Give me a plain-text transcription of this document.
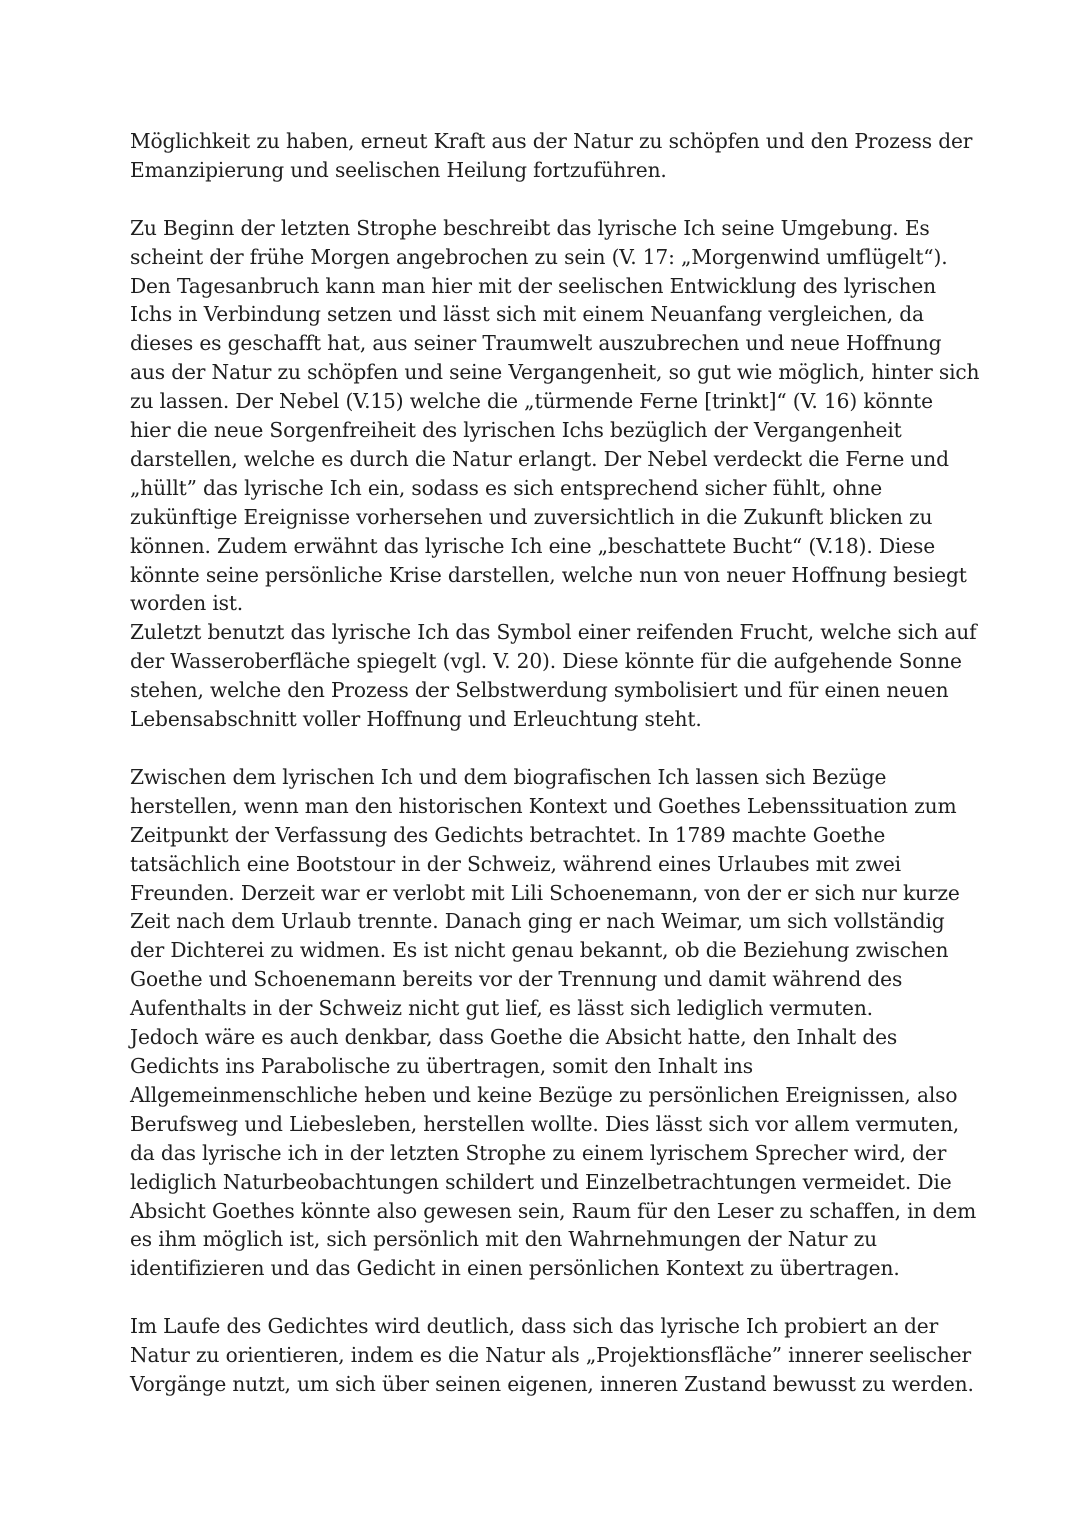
Möglichkeit zu haben, erneut Kraft aus der Natur zu schöpfen und den Prozess der
Emanzipierung und seelischen Heilung fortzuführen.
Zu Beginn der letzten Strophe beschreibt das lyrische Ich seine Umgebung. Es
scheint der frühe Morgen angebrochen zu sein (V. 17: „Morgenwind umflügelt“).
Den Tagesanbruch kann man hier mit der seelischen Entwicklung des lyrischen
Ichs in Verbindung setzen und lässt sich mit einem Neuanfang vergleichen, da
dieses es geschafft hat, aus seiner Traumwelt auszubrechen und neue Hoffnung
aus der Natur zu schöpfen und seine Vergangenheit, so gut wie möglich, hinter sich
zu lassen. Der Nebel (V.15) welche die „türmende Ferne [trinkt]“ (V. 16) könnte
hier die neue Sorgenfreiheit des lyrischen Ichs bezüglich der Vergangenheit
darstellen, welche es durch die Natur erlangt. Der Nebel verdeckt die Ferne und
„hüllt” das lyrische Ich ein, sodass es sich entsprechend sicher fühlt, ohne
zukünftige Ereignisse vorhersehen und zuversichtlich in die Zukunft blicken zu
können. Zudem erwähnt das lyrische Ich eine „beschattete Bucht“ (V.18). Diese
könnte seine persönliche Krise darstellen, welche nun von neuer Hoffnung besiegt
worden ist.
Zuletzt benutzt das lyrische Ich das Symbol einer reifenden Frucht, welche sich auf
der Wasseroberfläche spiegelt (vgl. V. 20). Diese könnte für die aufgehende Sonne
stehen, welche den Prozess der Selbstwerdung symbolisiert und für einen neuen
Lebensabschnitt voller Hoffnung und Erleuchtung steht.
Zwischen dem lyrischen Ich und dem biografischen Ich lassen sich Bezüge
herstellen, wenn man den historischen Kontext und Goethes Lebenssituation zum
Zeitpunkt der Verfassung des Gedichts betrachtet. In 1789 machte Goethe
tatsächlich eine Bootstour in der Schweiz, während eines Urlaubes mit zwei
Freunden. Derzeit war er verlobt mit Lili Schoenemann, von der er sich nur kurze
Zeit nach dem Urlaub trennte. Danach ging er nach Weimar, um sich vollständig
der Dichterei zu widmen. Es ist nicht genau bekannt, ob die Beziehung zwischen
Goethe und Schoenemann bereits vor der Trennung und damit während des
Aufenthalts in der Schweiz nicht gut lief, es lässt sich lediglich vermuten.
Jedoch wäre es auch denkbar, dass Goethe die Absicht hatte, den Inhalt des
Gedichts ins Parabolische zu übertragen, somit den Inhalt ins
Allgemeinmenschliche heben und keine Bezüge zu persönlichen Ereignissen, also
Berufsweg und Liebesleben, herstellen wollte. Dies lässt sich vor allem vermuten,
da das lyrische ich in der letzten Strophe zu einem lyrischem Sprecher wird, der
lediglich Naturbeobachtungen schildert und Einzelbetrachtungen vermeidet. Die
Absicht Goethes könnte also gewesen sein, Raum für den Leser zu schaffen, in dem
es ihm möglich ist, sich persönlich mit den Wahrnehmungen der Natur zu
identifizieren und das Gedicht in einen persönlichen Kontext zu übertragen.
Im Laufe des Gedichtes wird deutlich, dass sich das lyrische Ich probiert an der
Natur zu orientieren, indem es die Natur als „Projektionsfläche” innerer seelischer
Vorgänge nutzt, um sich über seinen eigenen, inneren Zustand bewusst zu werden.
